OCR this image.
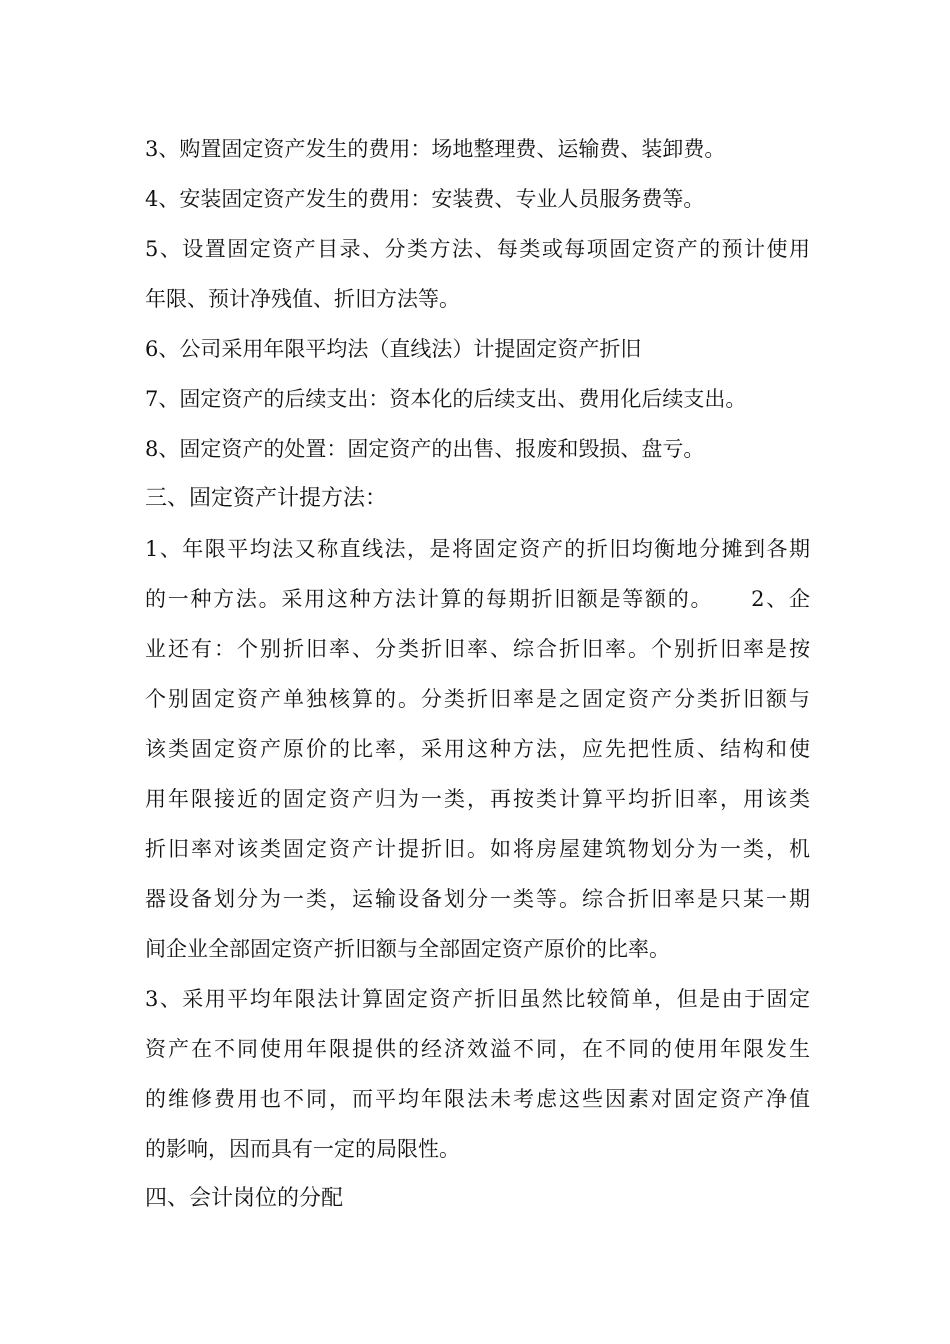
3、购置固定资产发生的费用：场地整理费、运输费、装卸费。
4、安装固定资产发生的费用：安装费、专业人员服务费等。
5、设置固定资产目录、分类方法、每类或每项固定资产的预计使用
年限、预计净残值、折旧方法等。
6、公司采用年限平均法（直线法）计提固定资产折旧
7、固定资产的后续支出：资本化的后续支出、费用化后续支出。
8、固定资产的处置：固定资产的出售、报废和毁损、盘亏。
三、固定资产计提方法：
1、年限平均法又称直线法，是将固定资产的折旧均衡地分摊到各期
的一种方法。采用这种方法计算的每期折旧额是等额的。 2、企
业还有：个别折旧率、分类折旧率、综合折旧率。个别折旧率是按
个别固定资产单独核算的。分类折旧率是之固定资产分类折旧额与
该类固定资产原价的比率，采用这种方法，应先把性质、结构和使
用年限接近的固定资产归为一类，再按类计算平均折旧率，用该类
折旧率对该类固定资产计提折旧。如将房屋建筑物划分为一类，机
器设备划分为一类，运输设备划分一类等。综合折旧率是只某一期
间企业全部固定资产折旧额与全部固定资产原价的比率。
3、采用平均年限法计算固定资产折旧虽然比较简单，但是由于固定
资产在不同使用年限提供的经济效溢不同，在不同的使用年限发生
的维修费用也不同，而平均年限法未考虑这些因素对固定资产净值
的影响，因而具有一定的局限性。
四、会计岗位的分配
